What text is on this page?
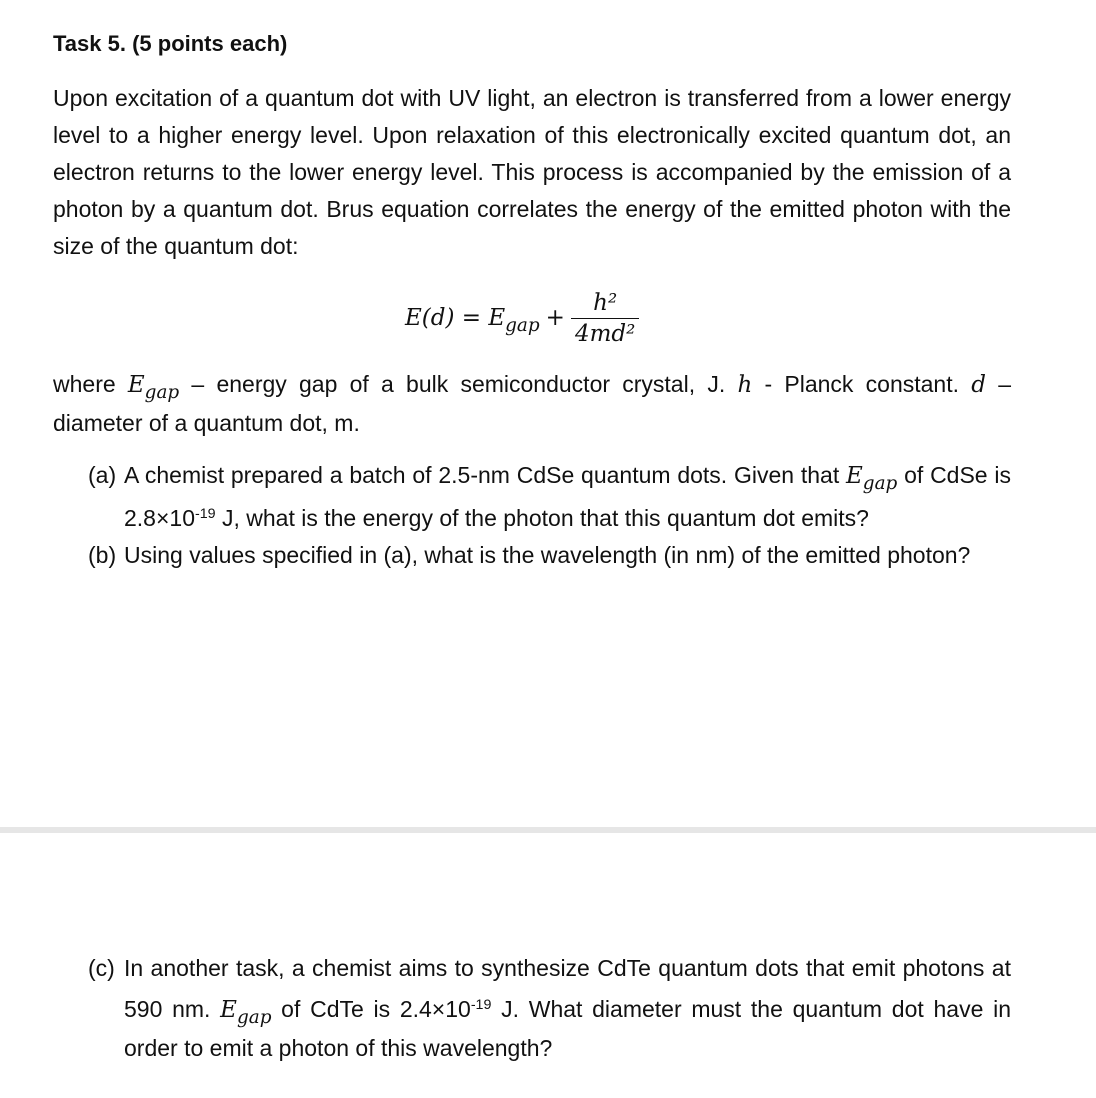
Task 5. (5 points each)
Upon excitation of a quantum dot with UV light, an electron is transferred from a lower energy level to a higher energy level. Upon relaxation of this electronically excited quantum dot, an electron returns to the lower energy level. This process is accompanied by the emission of a photon by a quantum dot. Brus equation correlates the energy of the emitted photon with the size of the quantum dot:
$E(d) = E_{gap} + \frac{\text{h²}}{\text{4md²}}$
where $E_{gap}$ – energy gap of a bulk semiconductor crystal, J. h - Planck constant. d – diameter of a quantum dot, m.
(a) A chemist prepared a batch of 2.5-nm CdSe quantum dots. Given that $E_{gap}$ of CdSe is $2.8\times 10^{-19}$ J, what is the energy of the photon that this quantum dot emits?
(b) Using values specified in (a), what is the wavelength (in nm) of the emitted photon?
(c) In another task, a chemist aims to synthesize CdTe quantum dots that emit photons at 590 nm. $E_{gap}$ of CdTe is $2.4\times 10^{-19}$ J. What diameter must the quantum dot have in order to emit a photon of this wavelength?
